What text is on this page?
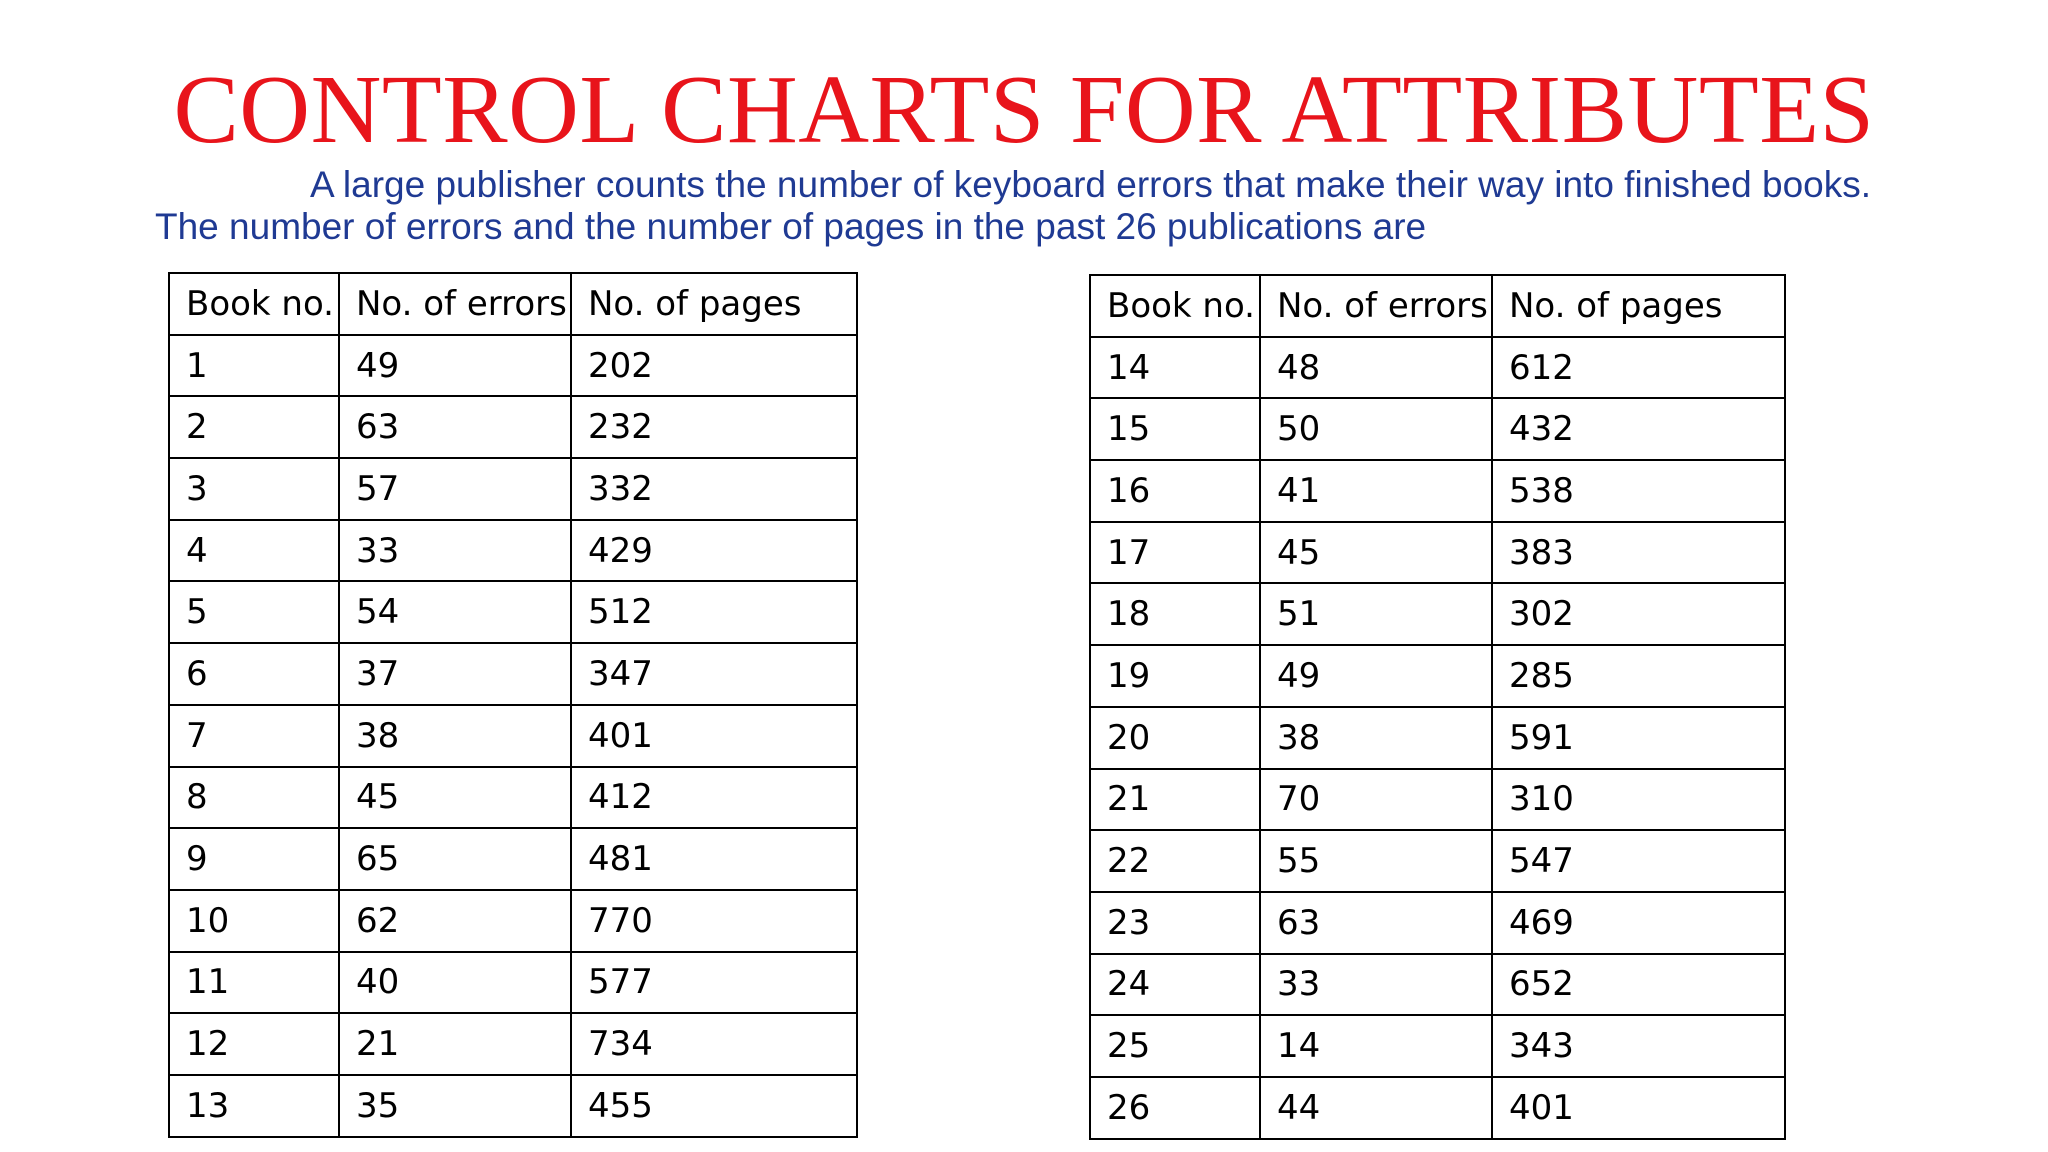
CONTROL CHARTS FOR ATTRIBUTES

A large publisher counts the number of keyboard errors that make their way into finished books. The number of errors and the number of pages in the past 26 publications are

Book no.	No. of errors	No. of pages
1	49	202
2	63	232
3	57	332
4	33	429
5	54	512
6	37	347
7	38	401
8	45	412
9	65	481
10	62	770
11	40	577
12	21	734
13	35	455
Book no.	No. of errors	No. of pages
14	48	612
15	50	432
16	41	538
17	45	383
18	51	302
19	49	285
20	38	591
21	70	310
22	55	547
23	63	469
24	33	652
25	14	343
26	44	401
